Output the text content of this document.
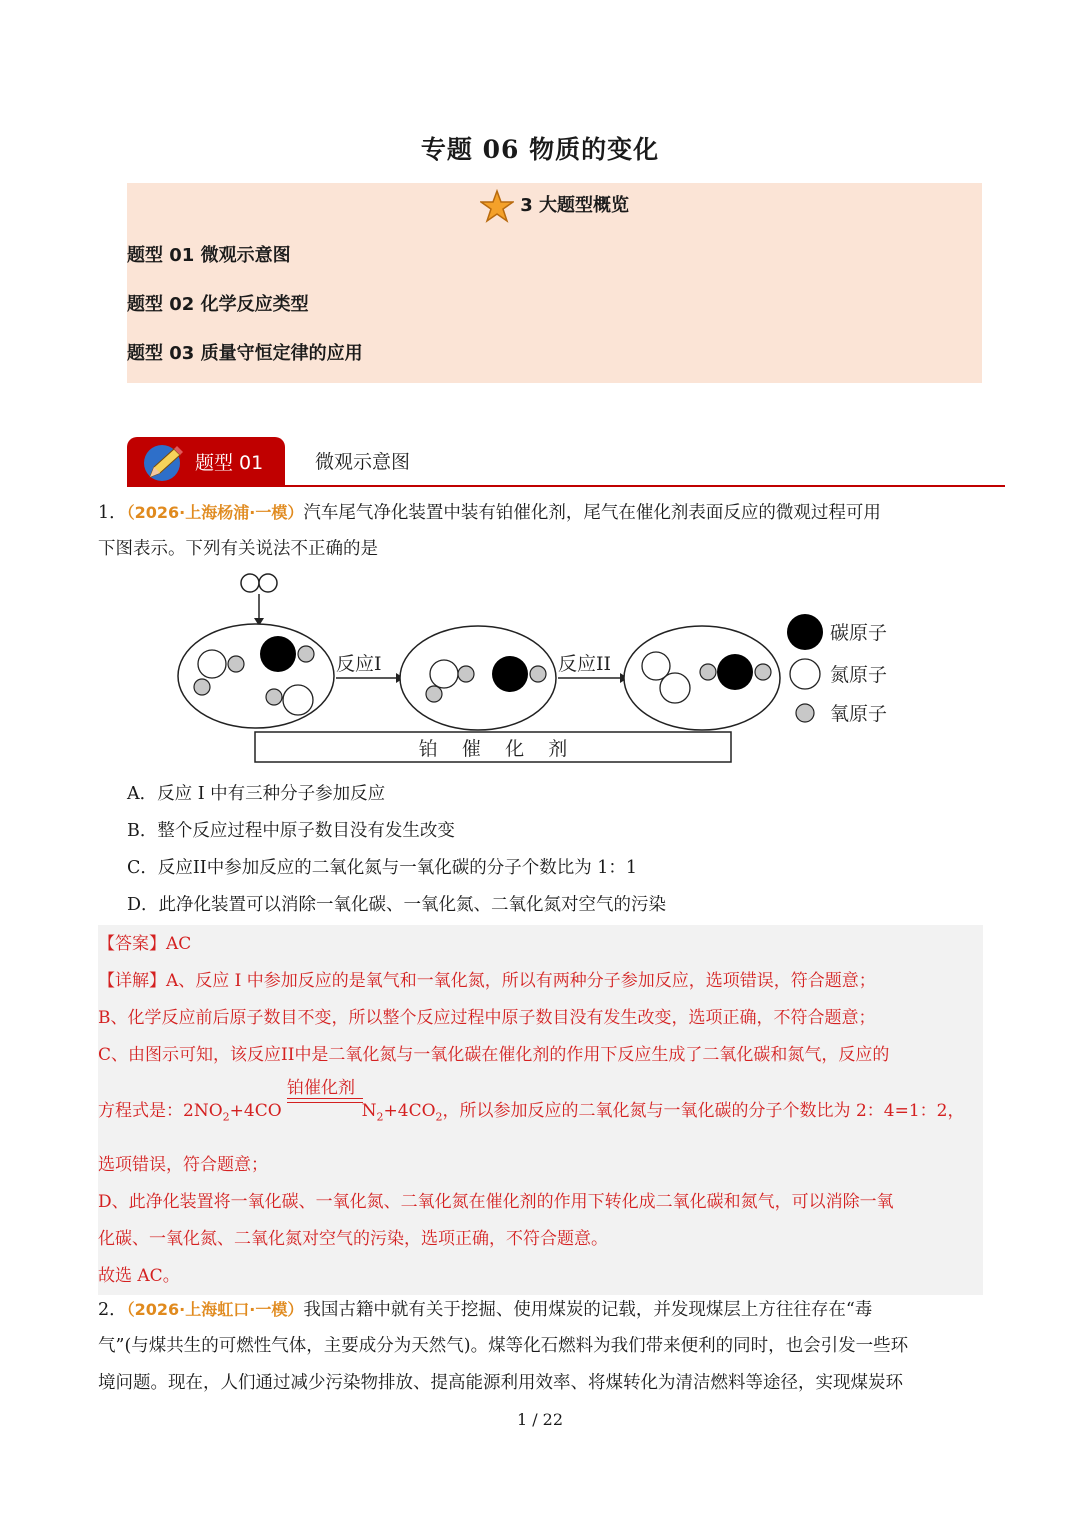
专题 06 物质的变化
3 大题型概览
题型 01 微观示意图
题型 02 化学反应类型
题型 03 质量守恒定律的应用
题型 01	微观示意图
1．（2026·上海杨浦·一模）汽车尾气净化装置中装有铂催化剂，尾气在催化剂表面反应的微观过程可用
下图表示。下列有关说法不正确的是
反应I	反应II
铂    催    化    剂
碳原子
氮原子
氧原子
A．反应 I 中有三种分子参加反应
B．整个反应过程中原子数目没有发生改变
C．反应II中参加反应的二氧化氮与一氧化碳的分子个数比为 1：1
D．此净化装置可以消除一氧化碳、一氧化氮、二氧化氮对空气的污染
【答案】AC
【详解】A、反应 I 中参加反应的是氧气和一氧化氮，所以有两种分子参加反应，选项错误，符合题意；
B、化学反应前后原子数目不变，所以整个反应过程中原子数目没有发生改变，选项正确，不符合题意；
C、由图示可知，该反应II中是二氧化氮与一氧化碳在催化剂的作用下反应生成了二氧化碳和氮气，反应的
铂催化剂
方程式是：$2NO_2+4CO$	$N_2+4CO_2$，所以参加反应的二氧化氮与一氧化碳的分子个数比为 2：4=1：2，
选项错误，符合题意；
D、此净化装置将一氧化碳、一氧化氮、二氧化氮在催化剂的作用下转化成二氧化碳和氮气，可以消除一氧
化碳、一氧化氮、二氧化氮对空气的污染，选项正确，不符合题意。
故选 AC。
2．（2026·上海虹口·一模）我国古籍中就有关于挖掘、使用煤炭的记载，并发现煤层上方往往存在“毒
气”(与煤共生的可燃性气体，主要成分为天然气)。煤等化石燃料为我们带来便利的同时，也会引发一些环
境问题。现在，人们通过减少污染物排放、提高能源利用效率、将煤转化为清洁燃料等途径，实现煤炭环
1 / 22
